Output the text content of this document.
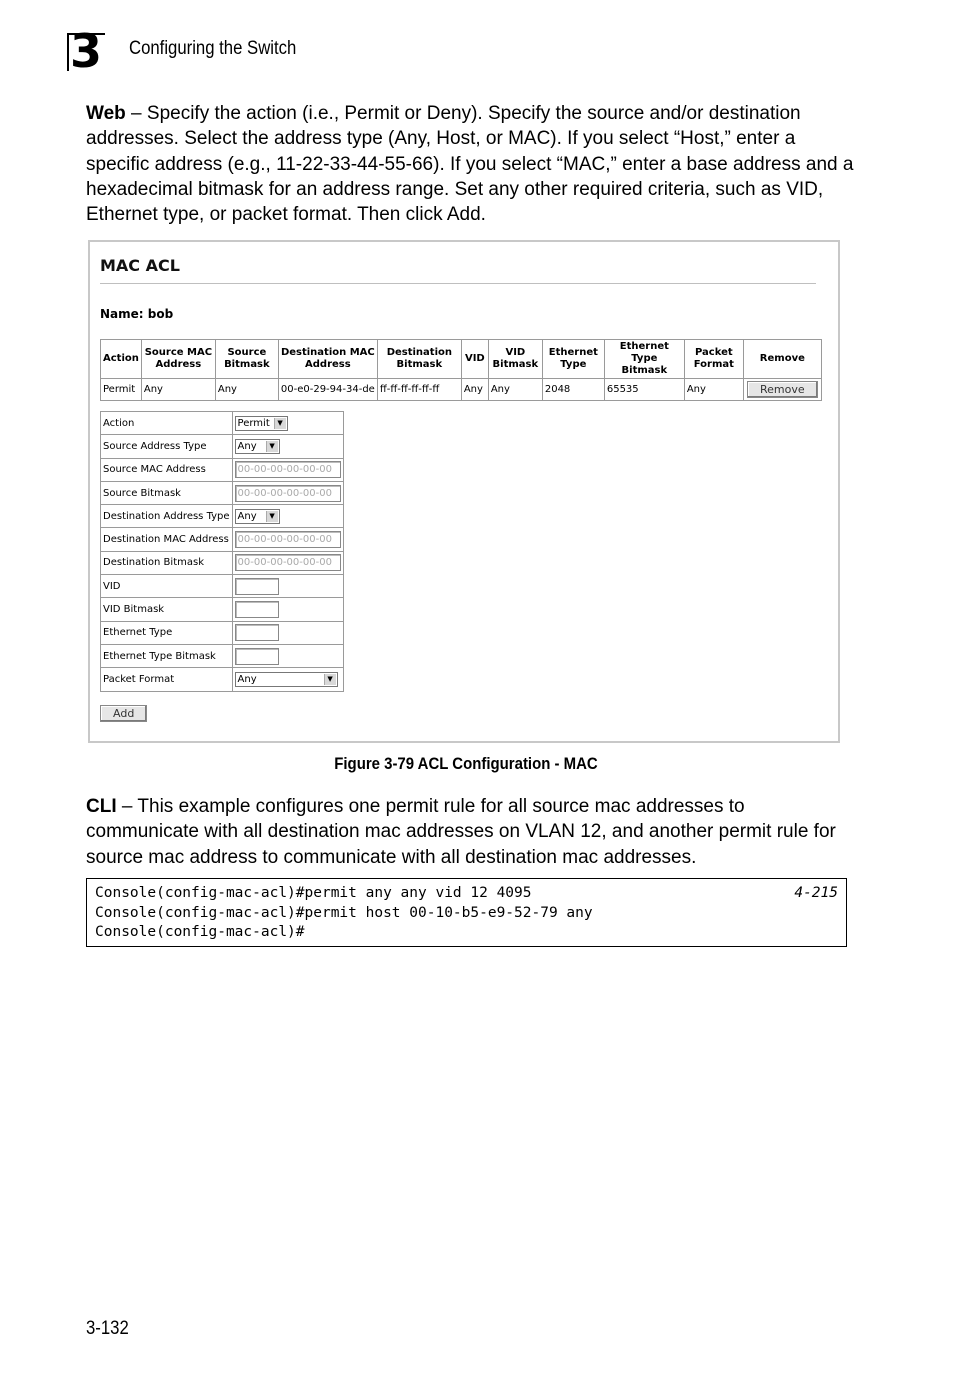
3 Configuring the Switch
Web – Specify the action (i.e., Permit or Deny). Specify the source and/or destination addresses. Select the address type (Any, Host, or MAC). If you select “Host,” enter a specific address (e.g., 11-22-33-44-55-66). If you select “MAC,” enter a base address and a hexadecimal bitmask for an address range. Set any other required criteria, such as VID, Ethernet type, or packet format. Then click Add.
MAC ACL
Name: bob
Action	Source MAC Address	Source Bitmask	Destination MAC Address	Destination Bitmask	VID	VID Bitmask	Ethernet Type	Ethernet Type Bitmask	Packet Format	Remove
Permit	Any	Any	00-e0-29-94-34-de	ff-ff-ff-ff-ff-ff	Any	Any	2048	65535	Any	Remove
Action	Permit ▼

Source Address Type	Any ▼

Source MAC Address	00-00-00-00-00-00
Source Bitmask	00-00-00-00-00-00
Destination Address Type	Any ▼

Destination MAC Address	00-00-00-00-00-00
Destination Bitmask	00-00-00-00-00-00
VID	
VID Bitmask	
Ethernet Type	
Ethernet Type Bitmask	
Packet Format	Any ▼
Add
Figure 3-79 ACL Configuration - MAC
CLI – This example configures one permit rule for all source mac addresses to communicate with all destination mac addresses on VLAN 12, and another permit rule for source mac address to communicate with all destination mac addresses.
Console(config-mac-acl)#permit any any vid 12 4095	4-215
Console(config-mac-acl)#permit host 00-10-b5-e9-52-79 any
Console(config-mac-acl)#
3-132
